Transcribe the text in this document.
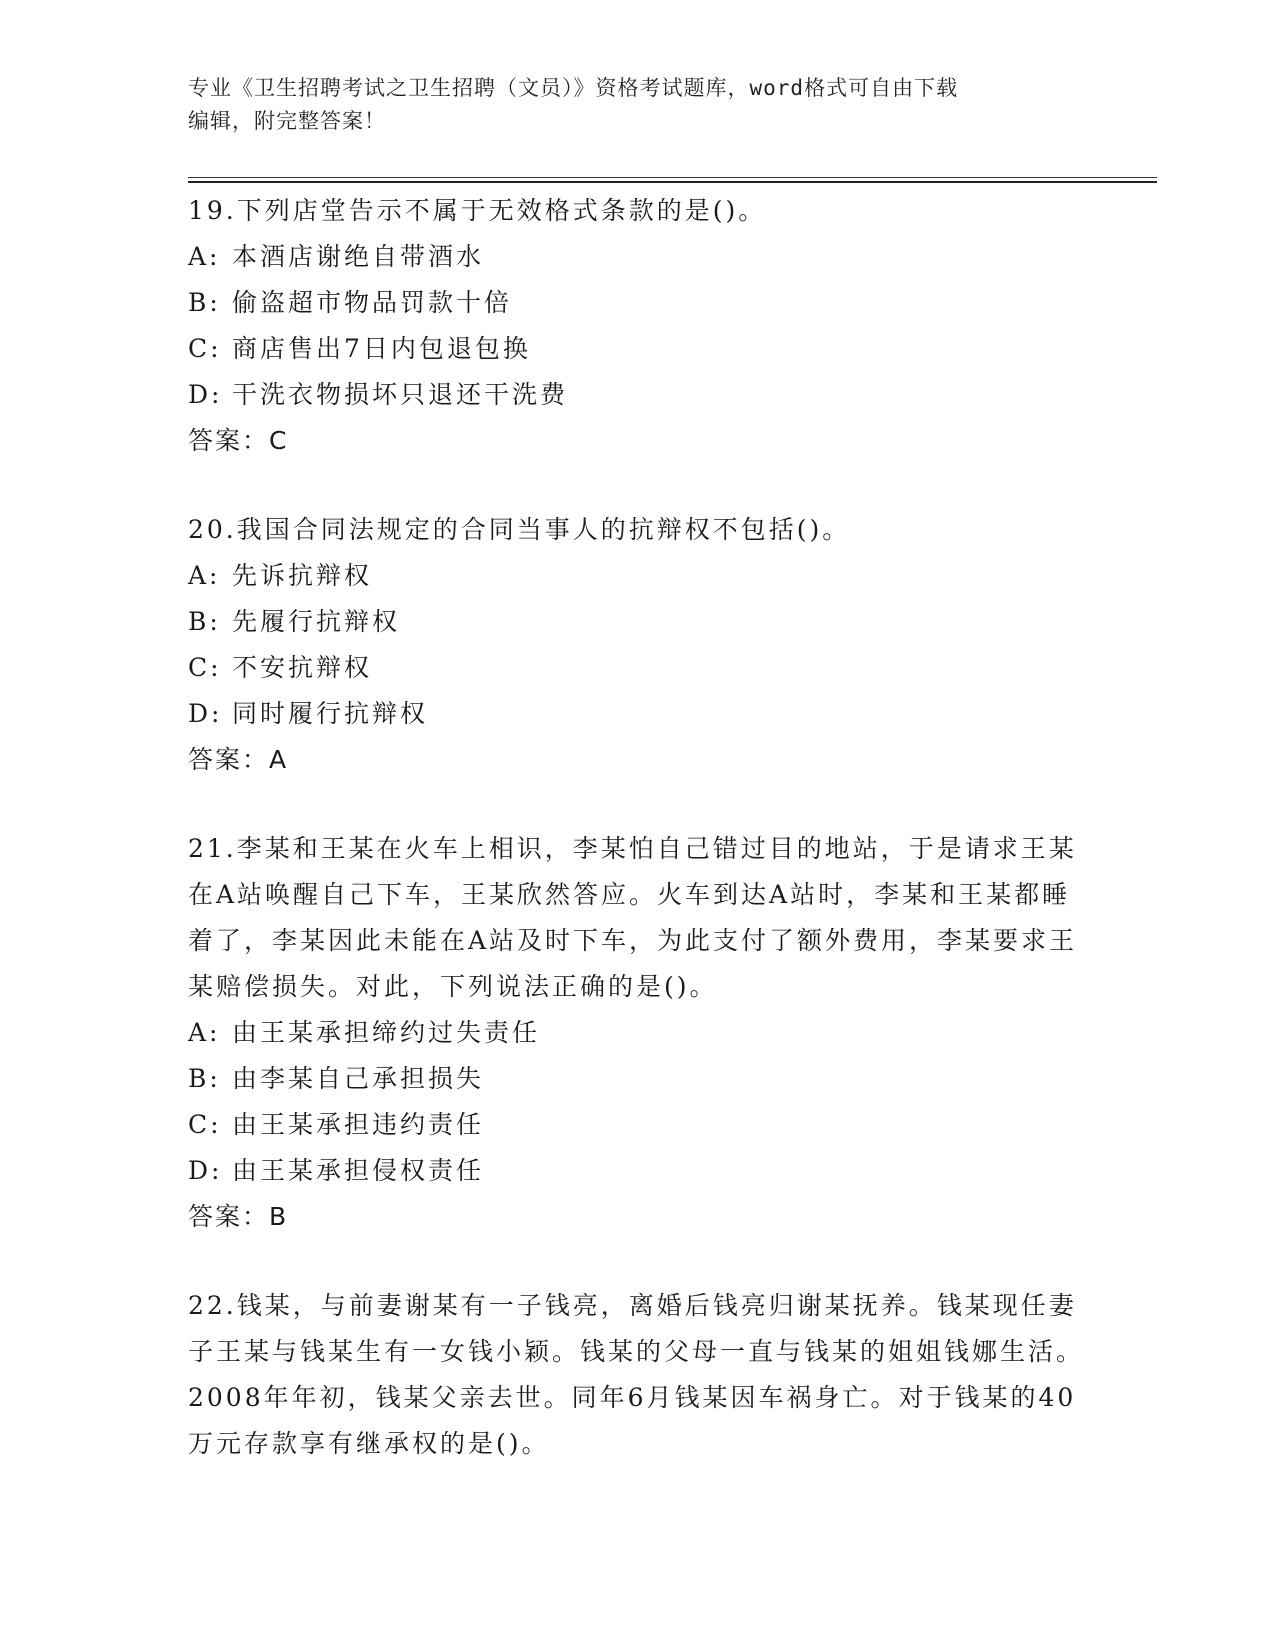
专业《卫生招聘考试之卫生招聘（文员）》资格考试题库，word格式可自由下载
编辑，附完整答案！

19.下列店堂告示不属于无效格式条款的是()。

A: 本酒店谢绝自带酒水
B: 偷盗超市物品罚款十倍
C: 商店售出7日内包退包换
D: 干洗衣物损坏只退还干洗费
答案：C

20.我国合同法规定的合同当事人的抗辩权不包括()。

A: 先诉抗辩权
B: 先履行抗辩权
C: 不安抗辩权
D: 同时履行抗辩权
答案：A

21.李某和王某在火车上相识，李某怕自己错过目的地站，于是请求王某在A站唤醒自己下车，王某欣然答应。火车到达A站时，李某和王某都睡着了，李某因此未能在A站及时下车，为此支付了额外费用，李某要求王某赔偿损失。对此，下列说法正确的是()。

A: 由王某承担缔约过失责任
B: 由李某自己承担损失
C: 由王某承担违约责任
D: 由王某承担侵权责任
答案：B

22.钱某，与前妻谢某有一子钱亮，离婚后钱亮归谢某抚养。钱某现任妻子王某与钱某生有一女钱小颖。钱某的父母一直与钱某的姐姐钱娜生活。2008年年初，钱某父亲去世。同年6月钱某因车祸身亡。对于钱某的40万元存款享有继承权的是()。
